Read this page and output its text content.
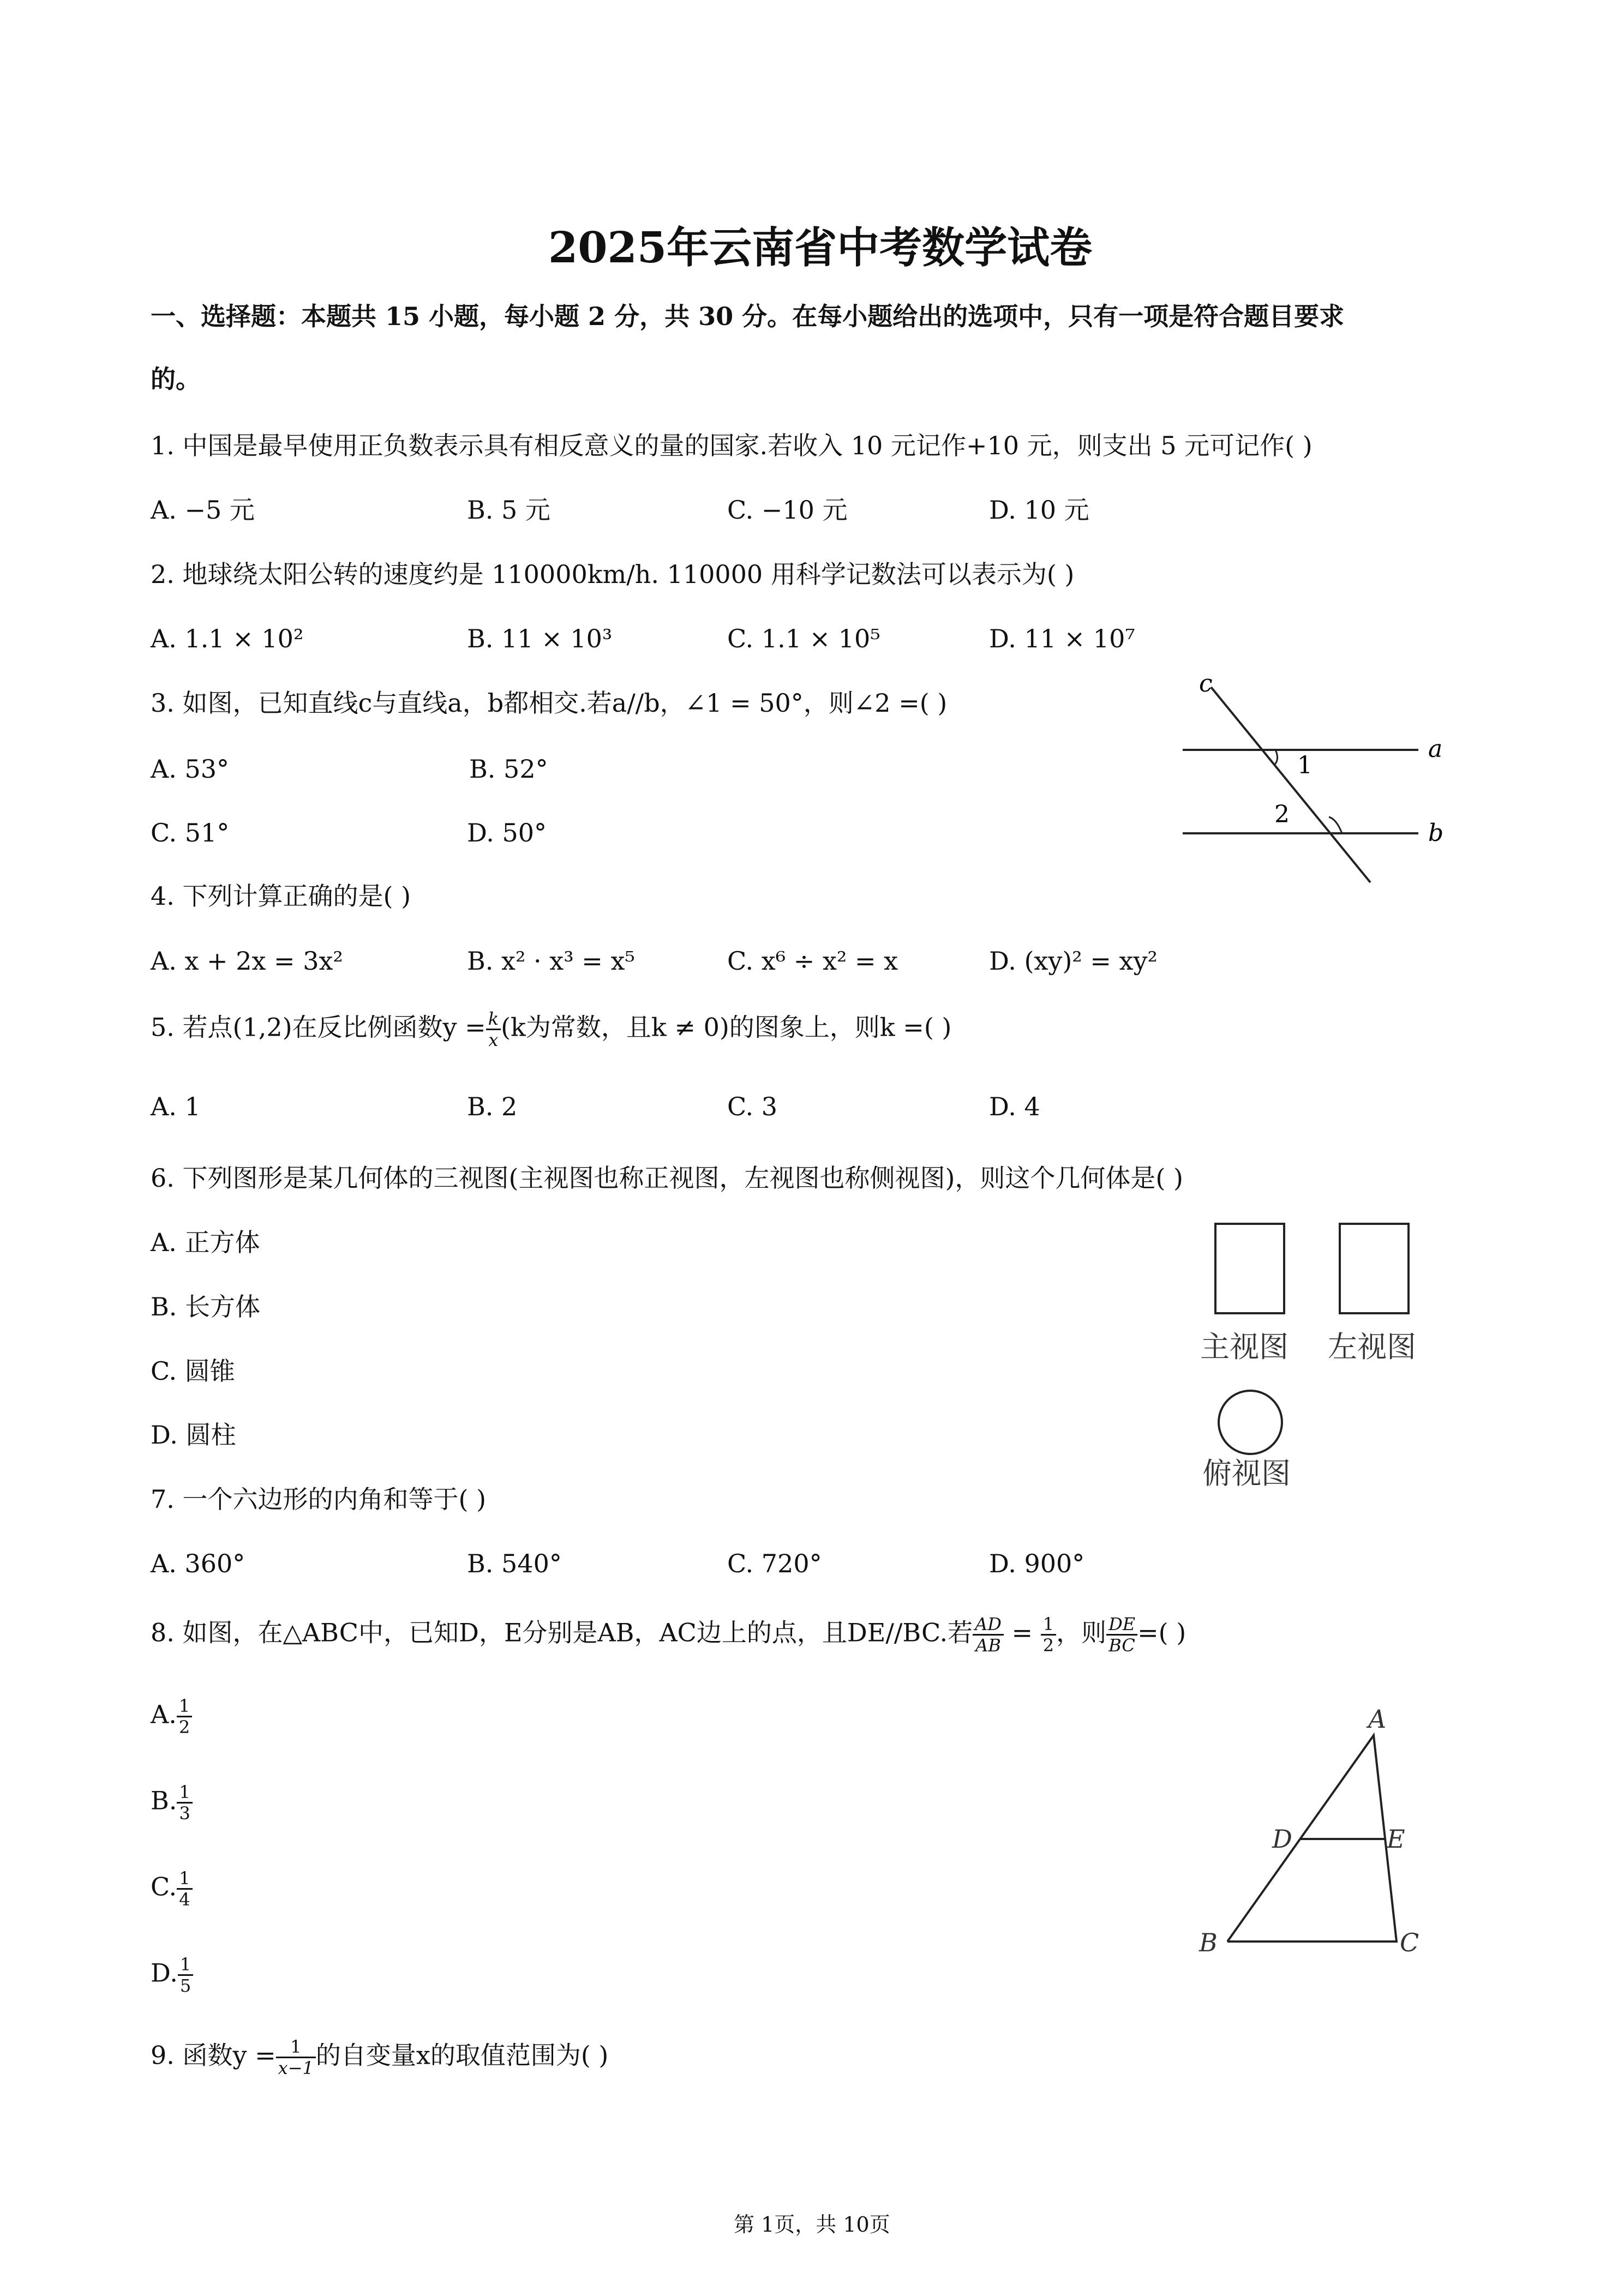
2025年云南省中考数学试卷
一、选择题：本题共 15 小题，每小题 2 分，共 30 分。在每小题给出的选项中，只有一项是符合题目要求
的。
1. 中国是最早使用正负数表示具有相反意义的量的国家.若收入 10 元记作+10 元，则支出 5 元可记作( )
A. −5 元	B. 5 元	C. −10 元	D. 10 元
2. 地球绕太阳公转的速度约是 110000km/h. 110000 用科学记数法可以表示为( )
A. 1.1 × 10²	B. 11 × 10³	C. 1.1 × 10⁵	D. 11 × 10⁷
3. 如图，已知直线c与直线a，b都相交.若a//b，∠1 = 50°，则∠2 =( )
A. 53°	B. 52°
C. 51°	D. 50°
c
a
b
1
2
4. 下列计算正确的是( )
A. x + 2x = 3x²	B. x² · x³ = x⁵	C. x⁶ ÷ x² = x	D. (xy)² = xy²
5. 若点(1,2)在反比例函数$y = \frac{k}{x} (k$为常数，且k ≠ 0)的图象上，则k =( )
A. 1	B. 2	C. 3	D. 4
6. 下列图形是某几何体的三视图(主视图也称正视图，左视图也称侧视图)，则这个几何体是( )
A. 正方体
B. 长方体
C. 圆锥
D. 圆柱
主视图 左视图
俯视图
7. 一个六边形的内角和等于( )
A. 360°	B. 540°	C. 720°	D. 900°
8. 如图，在△ABC中，已知D，E分别是AB，AC边上的点，且DE//BC.若 $\frac{AD}{AB} = \frac{1}{2}$ ，则 $\frac{DE}{BC}$ =( )
A. $\frac{1}{2}$
B. $\frac{1}{3}$
C. $\frac{1}{4}$
D. $\frac{1}{5}$
A
D	E
B	C
9. 函数$y = \frac{1}{x-1}$ 的自变量x的取值范围为( )
第 1页，共 10页
